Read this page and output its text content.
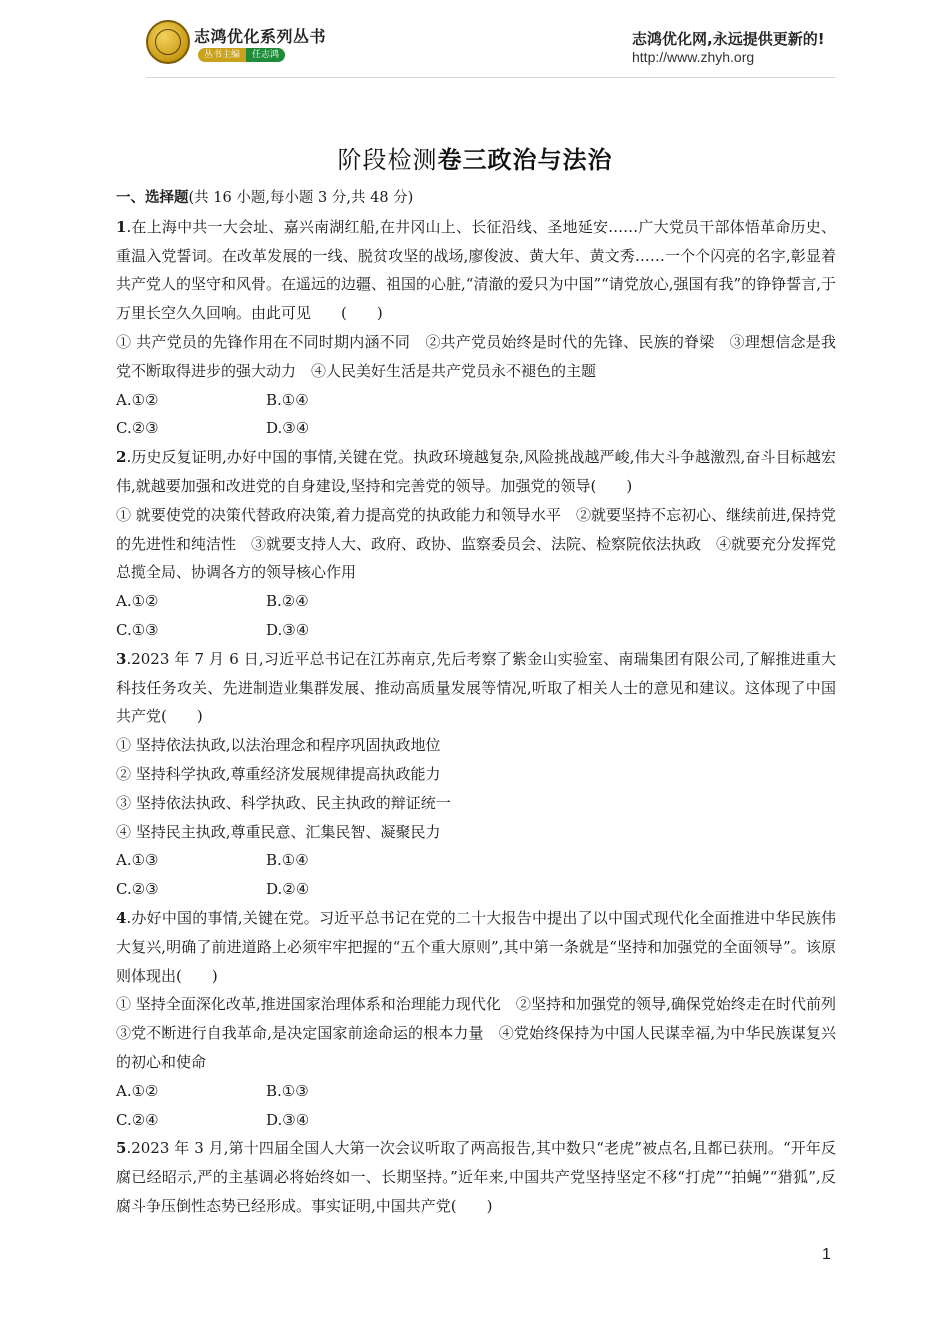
志鸿优化系列丛书
丛书主编	任志鸿
志鸿优化网,永远提供更新的!
http://www.zhyh.org
阶段检测卷三政治与法治

一、选择题(共 16 小题,每小题 3 分,共 48 分)

1.在上海中共一大会址、嘉兴南湖红船,在井冈山上、长征沿线、圣地延安……广大党员干部体悟革命历史、重温入党誓词。在改革发展的一线、脱贫攻坚的战场,廖俊波、黄大年、黄文秀……一个个闪亮的名字,彰显着共产党人的坚守和风骨。在遥远的边疆、祖国的心脏,“清澈的爱只为中国”“请党放心,强国有我”的铮铮誓言,于万里长空久久回响。由此可见　　(　　)

① 共产党员的先锋作用在不同时期内涵不同　②共产党员始终是时代的先锋、民族的脊梁　③理想信念是我党不断取得进步的强大动力　④人民美好生活是共产党员永不褪色的主题

A.①②	B.①④
C.②③	D.③④

2.历史反复证明,办好中国的事情,关键在党。执政环境越复杂,风险挑战越严峻,伟大斗争越激烈,奋斗目标越宏伟,就越要加强和改进党的自身建设,坚持和完善党的领导。加强党的领导(　　)

① 就要使党的决策代替政府决策,着力提高党的执政能力和领导水平　②就要坚持不忘初心、继续前进,保持党的先进性和纯洁性　③就要支持人大、政府、政协、监察委员会、法院、检察院依法执政　④就要充分发挥党总揽全局、协调各方的领导核心作用

A.①②	B.②④
C.①③	D.③④

3.2023 年 7 月 6 日,习近平总书记在江苏南京,先后考察了紫金山实验室、南瑞集团有限公司,了解推进重大科技任务攻关、先进制造业集群发展、推动高质量发展等情况,听取了相关人士的意见和建议。这体现了中国共产党(　　)

① 坚持依法执政,以法治理念和程序巩固执政地位

② 坚持科学执政,尊重经济发展规律提高执政能力

③ 坚持依法执政、科学执政、民主执政的辩证统一

④ 坚持民主执政,尊重民意、汇集民智、凝聚民力

A.①③	B.①④
C.②③	D.②④

4.办好中国的事情,关键在党。习近平总书记在党的二十大报告中提出了以中国式现代化全面推进中华民族伟大复兴,明确了前进道路上必须牢牢把握的“五个重大原则”,其中第一条就是“坚持和加强党的全面领导”。该原则体现出(　　)

① 坚持全面深化改革,推进国家治理体系和治理能力现代化　②坚持和加强党的领导,确保党始终走在时代前列　③党不断进行自我革命,是决定国家前途命运的根本力量　④党始终保持为中国人民谋幸福,为中华民族谋复兴的初心和使命

A.①②	B.①③
C.②④	D.③④

5.2023 年 3 月,第十四届全国人大第一次会议听取了两高报告,其中数只“老虎”被点名,且都已获刑。“开年反腐已经昭示,严的主基调必将始终如一、长期坚持。”近年来,中国共产党坚持坚定不移“打虎”“拍蝇”“猎狐”,反腐斗争压倒性态势已经形成。事实证明,中国共产党(　　)

1
